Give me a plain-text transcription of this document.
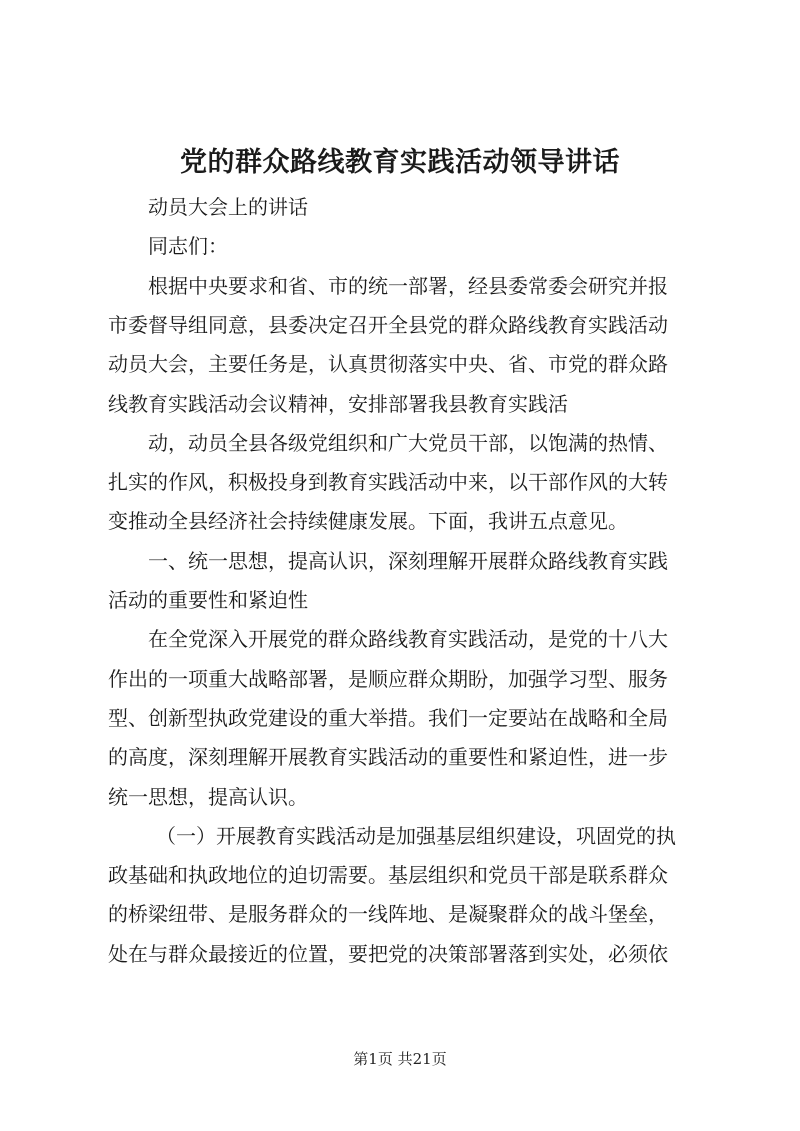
党的群众路线教育实践活动领导讲话
动员大会上的讲话
同志们：
根据中央要求和省、市的统一部署，经县委常委会研究并报
市委督导组同意，县委决定召开全县党的群众路线教育实践活动
动员大会，主要任务是，认真贯彻落实中央、省、市党的群众路
线教育实践活动会议精神，安排部署我县教育实践活
动，动员全县各级党组织和广大党员干部，以饱满的热情、
扎实的作风，积极投身到教育实践活动中来，以干部作风的大转
变推动全县经济社会持续健康发展。下面，我讲五点意见。
一、统一思想，提高认识，深刻理解开展群众路线教育实践
活动的重要性和紧迫性
在全党深入开展党的群众路线教育实践活动，是党的十八大
作出的一项重大战略部署，是顺应群众期盼，加强学习型、服务
型、创新型执政党建设的重大举措。我们一定要站在战略和全局
的高度，深刻理解开展教育实践活动的重要性和紧迫性，进一步
统一思想，提高认识。
（一）开展教育实践活动是加强基层组织建设，巩固党的执
政基础和执政地位的迫切需要。基层组织和党员干部是联系群众
的桥梁纽带、是服务群众的一线阵地、是凝聚群众的战斗堡垒，
处在与群众最接近的位置，要把党的决策部署落到实处，必须依
第1页 共21页
